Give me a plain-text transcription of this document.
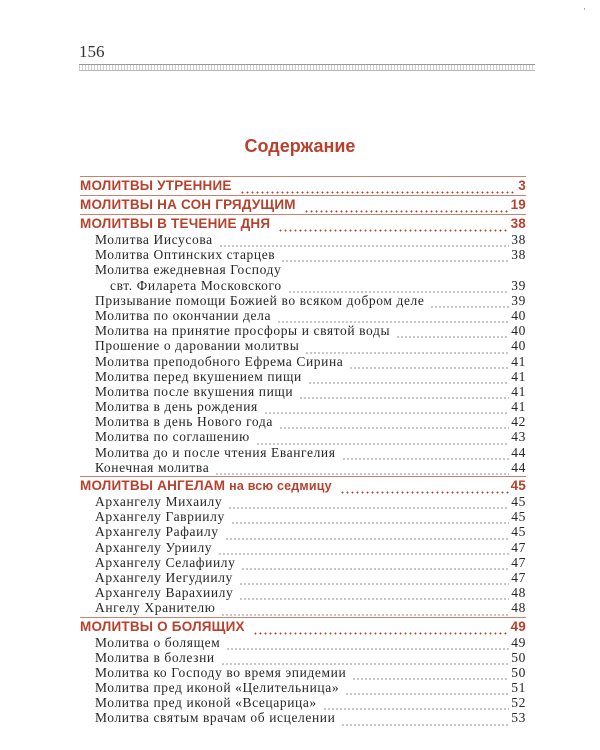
156
·
Содержание
МОЛИТВЫ УТРЕННИЕ	3
МОЛИТВЫ НА СОН ГРЯДУЩИМ	19
МОЛИТВЫ В ТЕЧЕНИЕ ДНЯ	38
Молитва Иисусова	38
Молитва Оптинских старцев	38
Молитва ежедневная Господу
свт. Филарета Московского	39
Призывание помощи Божией во всяком добром деле	39
Молитва по окончании дела	40
Молитва на принятие просфоры и святой воды	40
Прошение о даровании молитвы	40
Молитва преподобного Ефрема Сирина	41
Молитва перед вкушением пищи	41
Молитва после вкушения пищи	41
Молитва в день рождения	41
Молитва в день Нового года	42
Молитва по соглашению	43
Молитва до и после чтения Евангелия	44
Конечная молитва	44
МОЛИТВЫ АНГЕЛАМ на всю седмицу	45
Архангелу Михаилу	45
Архангелу Гавриилу	45
Архангелу Рафаилу	45
Архангелу Уриилу	47
Архангелу Селафиилу	47
Архангелу Иегудиилу	47
Архангелу Варахиилу	48
Ангелу Хранителю	48
МОЛИТВЫ О БОЛЯЩИХ	49
Молитва о болящем	49
Молитва в болезни	50
Молитва ко Господу во время эпидемии	50
Молитва пред иконой «Целительница»	51
Молитва пред иконой «Всецарица»	52
Молитва святым врачам об исцелении	53
